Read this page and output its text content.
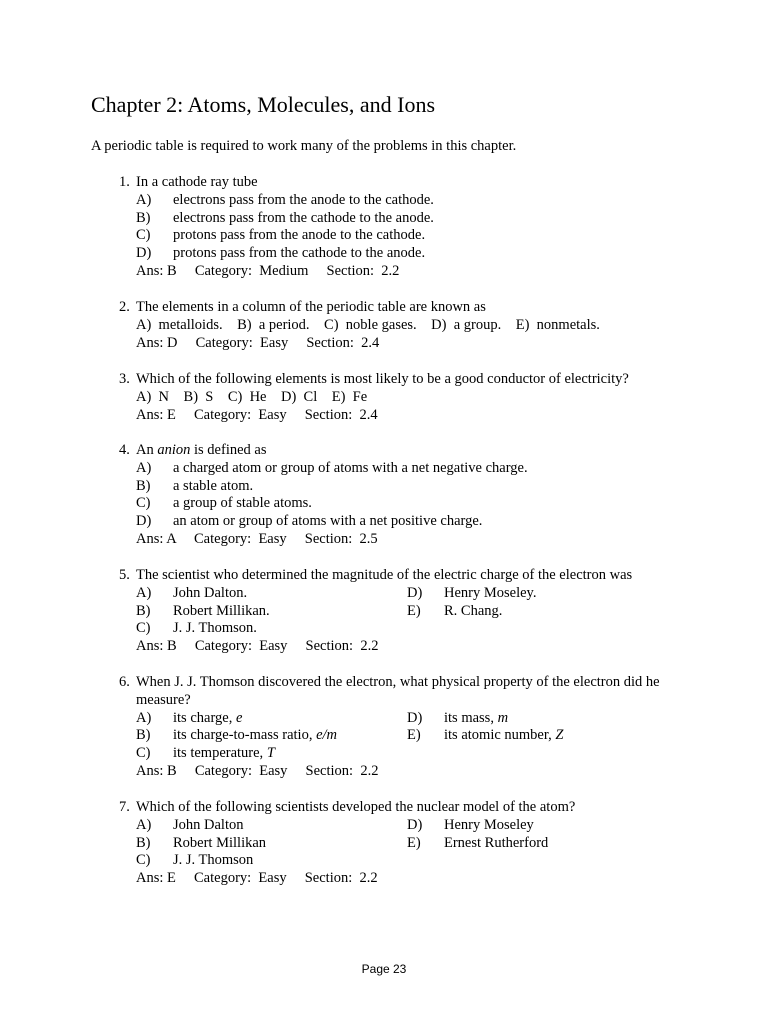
Chapter 2: Atoms, Molecules, and Ions
A periodic table is required to work many of the problems in this chapter.
1. In a cathode ray tube
A)	electrons pass from the anode to the cathode.
B)	electrons pass from the cathode to the anode.
C)	protons pass from the anode to the cathode.
D)	protons pass from the cathode to the anode.
Ans: B     Category:  Medium     Section:  2.2
2. The elements in a column of the periodic table are known as
A)  metalloids.    B)  a period.    C)  noble gases.    D)  a group.    E)  nonmetals.
Ans: D     Category:  Easy     Section:  2.4
3. Which of the following elements is most likely to be a good conductor of electricity?
A)  N    B)  S    C)  He    D)  Cl    E)  Fe
Ans: E     Category:  Easy     Section:  2.4
4. An anion is defined as
A)	a charged atom or group of atoms with a net negative charge.
B)	a stable atom.
C)	a group of stable atoms.
D)	an atom or group of atoms with a net positive charge.
Ans: A     Category:  Easy     Section:  2.5
5. The scientist who determined the magnitude of the electric charge of the electron was
A)	John Dalton.	D)	Henry Moseley.
B)	Robert Millikan.	E)	R. Chang.
C)	J. J. Thomson.
Ans: B     Category:  Easy     Section:  2.2
6. When J. J. Thomson discovered the electron, what physical property of the electron did he measure?
A)	its charge, e	D)	its mass, m
B)	its charge-to-mass ratio, e/m	E)	its atomic number, Z
C)	its temperature, T
Ans: B     Category:  Easy     Section:  2.2
7. Which of the following scientists developed the nuclear model of the atom?
A)	John Dalton	D)	Henry Moseley
B)	Robert Millikan	E)	Ernest Rutherford
C)	J. J. Thomson
Ans: E     Category:  Easy     Section:  2.2
Page 23
